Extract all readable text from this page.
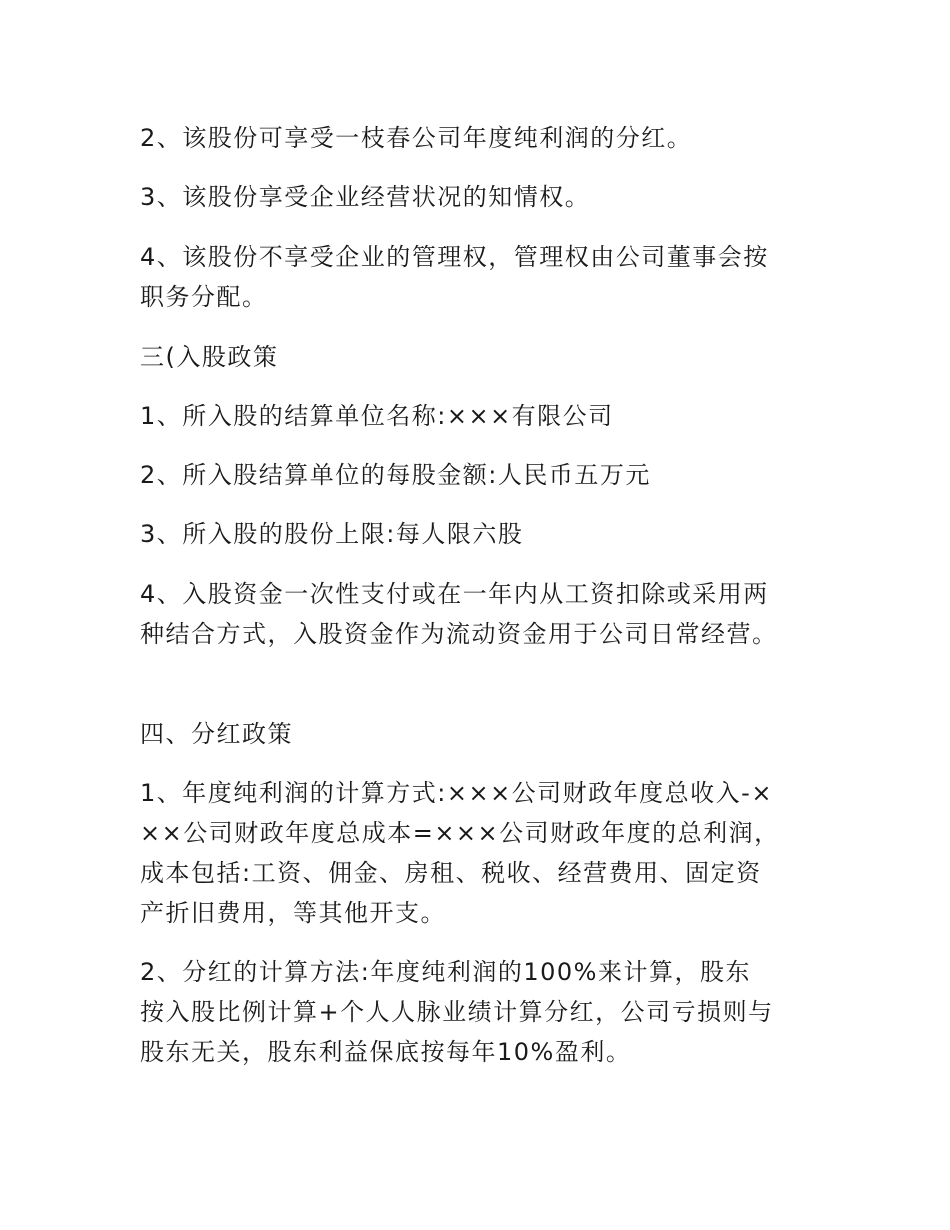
2、该股份可享受一枝春公司年度纯利润的分红。

3、该股份享受企业经营状况的知情权。

4、该股份不享受企业的管理权，管理权由公司董事会按
职务分配。

三(入股政策

1、所入股的结算单位名称:×××有限公司

2、所入股结算单位的每股金额:人民币五万元

3、所入股的股份上限:每人限六股

4、入股资金一次性支付或在一年内从工资扣除或采用两
种结合方式，入股资金作为流动资金用于公司日常经营。

四、分红政策

1、年度纯利润的计算方式:×××公司财政年度总收入-×
××公司财政年度总成本=×××公司财政年度的总利润，
成本包括:工资、佣金、房租、税收、经营费用、固定资
产折旧费用，等其他开支。

2、分红的计算方法:年度纯利润的100%来计算，股东
按入股比例计算+个人人脉业绩计算分红，公司亏损则与
股东无关，股东利益保底按每年10%盈利。
